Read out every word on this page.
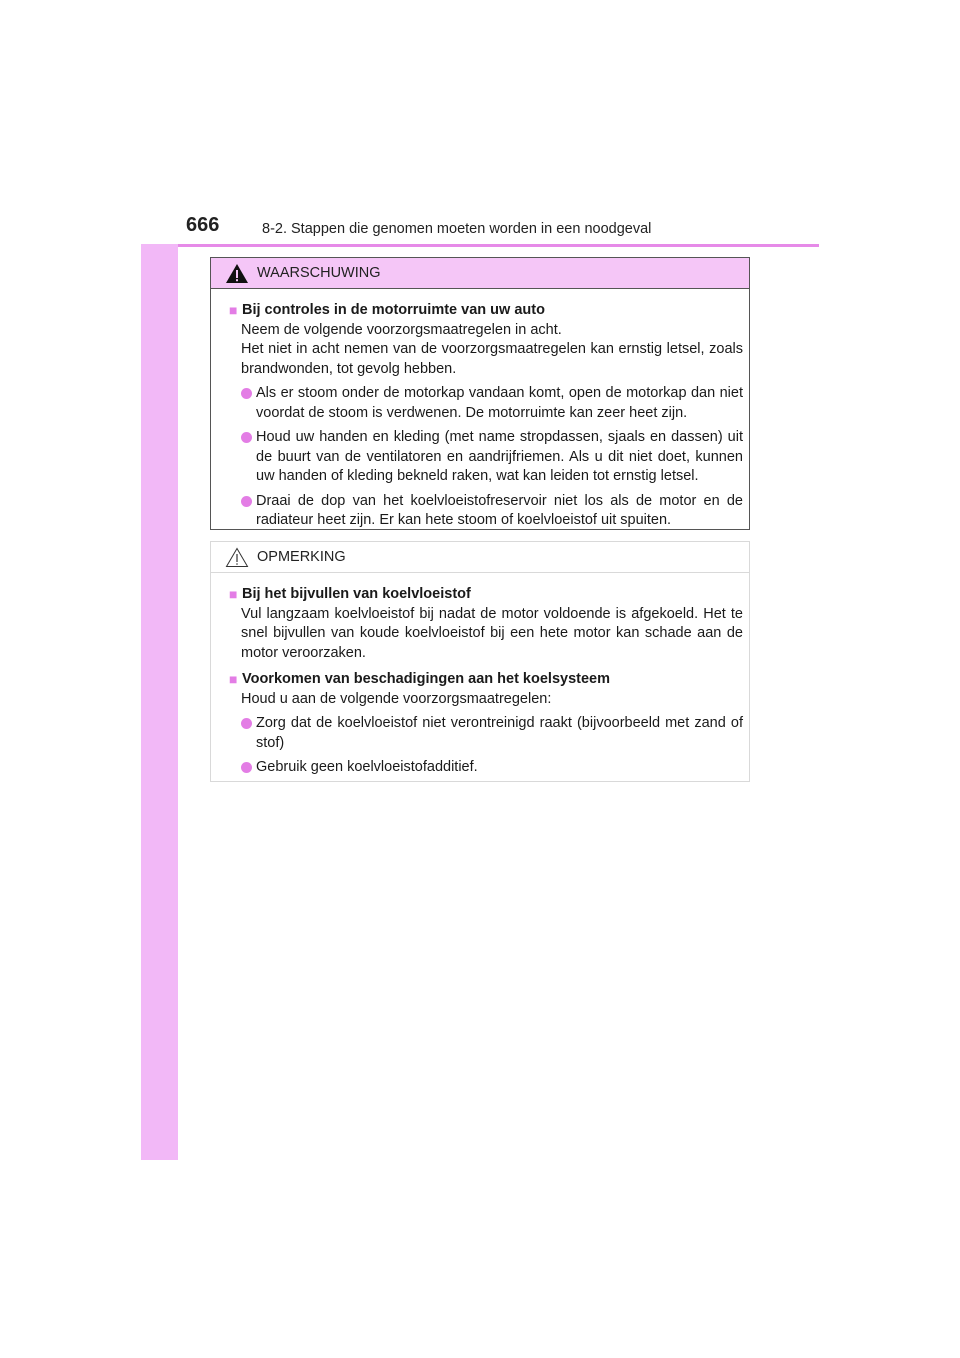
666	8-2. Stappen die genomen moeten worden in een noodgeval
WAARSCHUWING
■ Bij controles in de motorruimte van uw auto
Neem de volgende voorzorgsmaatregelen in acht.
Het niet in acht nemen van de voorzorgsmaatregelen kan ernstig letsel, zoals brandwonden, tot gevolg hebben.
Als er stoom onder de motorkap vandaan komt, open de motorkap dan niet voordat de stoom is verdwenen. De motorruimte kan zeer heet zijn.
Houd uw handen en kleding (met name stropdassen, sjaals en dassen) uit de buurt van de ventilatoren en aandrijfriemen. Als u dit niet doet, kunnen uw handen of kleding bekneld raken, wat kan leiden tot ernstig letsel.
Draai de dop van het koelvloeistofreservoir niet los als de motor en de radiateur heet zijn. Er kan hete stoom of koelvloeistof uit spuiten.
OPMERKING
■ Bij het bijvullen van koelvloeistof
Vul langzaam koelvloeistof bij nadat de motor voldoende is afgekoeld. Het te snel bijvullen van koude koelvloeistof bij een hete motor kan schade aan de motor veroorzaken.
■ Voorkomen van beschadigingen aan het koelsysteem
Houd u aan de volgende voorzorgsmaatregelen:
Zorg dat de koelvloeistof niet verontreinigd raakt (bijvoorbeeld met zand of stof)
Gebruik geen koelvloeistofadditief.
